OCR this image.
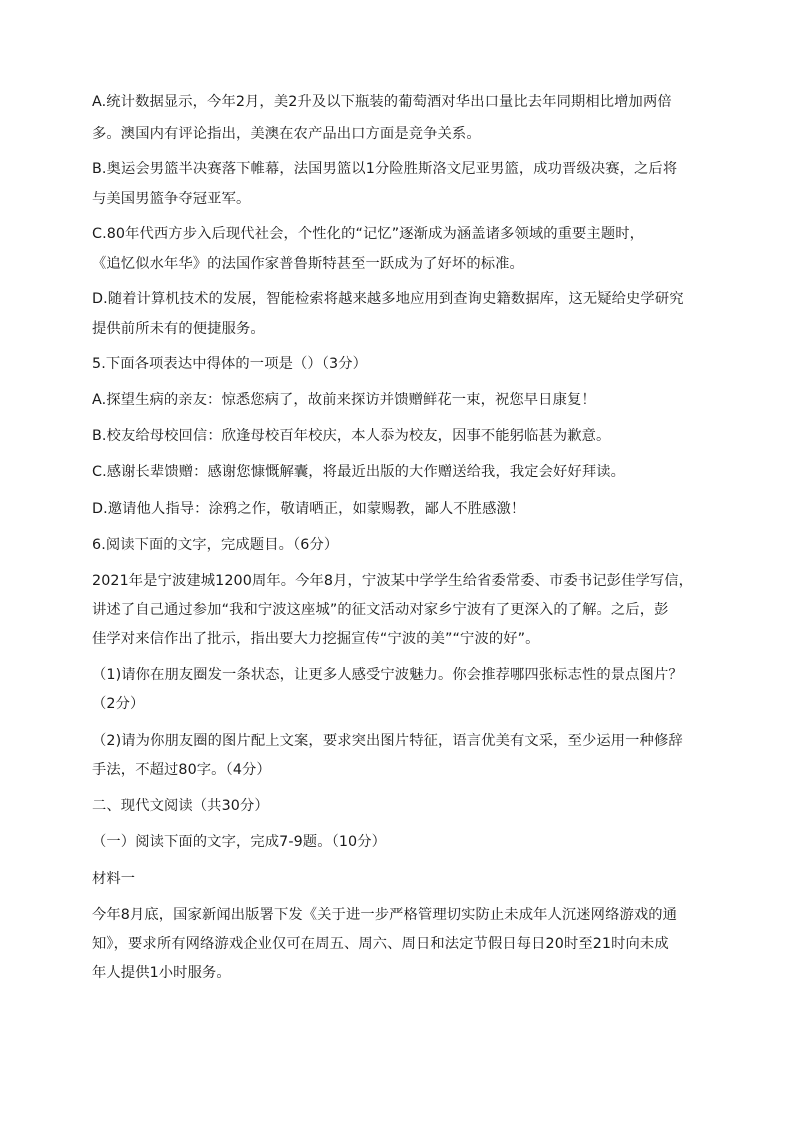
A.统计数据显示，今年2月，美2升及以下瓶装的葡萄酒对华出口量比去年同期相比增加两倍

多。澳国内有评论指出，美澳在农产品出口方面是竞争关系。

B.奥运会男篮半决赛落下帷幕，法国男篮以1分险胜斯洛文尼亚男篮，成功晋级决赛，之后将

与美国男篮争夺冠亚军。

C.80年代西方步入后现代社会，个性化的“记忆”逐渐成为涵盖诸多领域的重要主题时，

《追忆似水年华》的法国作家普鲁斯特甚至一跃成为了好坏的标准。

D.随着计算机技术的发展，智能检索将越来越多地应用到查询史籍数据库，这无疑给史学研究

提供前所未有的便捷服务。

5.下面各项表达中得体的一项是（）（3分）

A.探望生病的亲友：惊悉您病了，故前来探访并馈赠鲜花一束，祝您早日康复！

B.校友给母校回信：欣逢母校百年校庆，本人忝为校友，因事不能躬临甚为歉意。

C.感谢长辈馈赠：感谢您慷慨解囊，将最近出版的大作赠送给我，我定会好好拜读。

D.邀请他人指导：涂鸦之作，敬请哂正，如蒙赐教，鄙人不胜感激！

6.阅读下面的文字，完成题目。（6分）

2021年是宁波建城1200周年。今年8月，宁波某中学学生给省委常委、市委书记彭佳学写信，

讲述了自己通过参加“我和宁波这座城”的征文活动对家乡宁波有了更深入的了解。之后，彭

佳学对来信作出了批示，指出要大力挖掘宣传“宁波的美”“宁波的好”。

（1)请你在朋友圈发一条状态，让更多人感受宁波魅力。你会推荐哪四张标志性的景点图片？

（2分）

（2)请为你朋友圈的图片配上文案，要求突出图片特征，语言优美有文采，至少运用一种修辞

手法，不超过80字。（4分）

二、现代文阅读（共30分）

（一）阅读下面的文字，完成7-9题。（10分）

材料一

今年8月底，国家新闻出版署下发《关于进一步严格管理切实防止未成年人沉迷网络游戏的通

知》，要求所有网络游戏企业仅可在周五、周六、周日和法定节假日每日20时至21时向未成

年人提供1小时服务。
